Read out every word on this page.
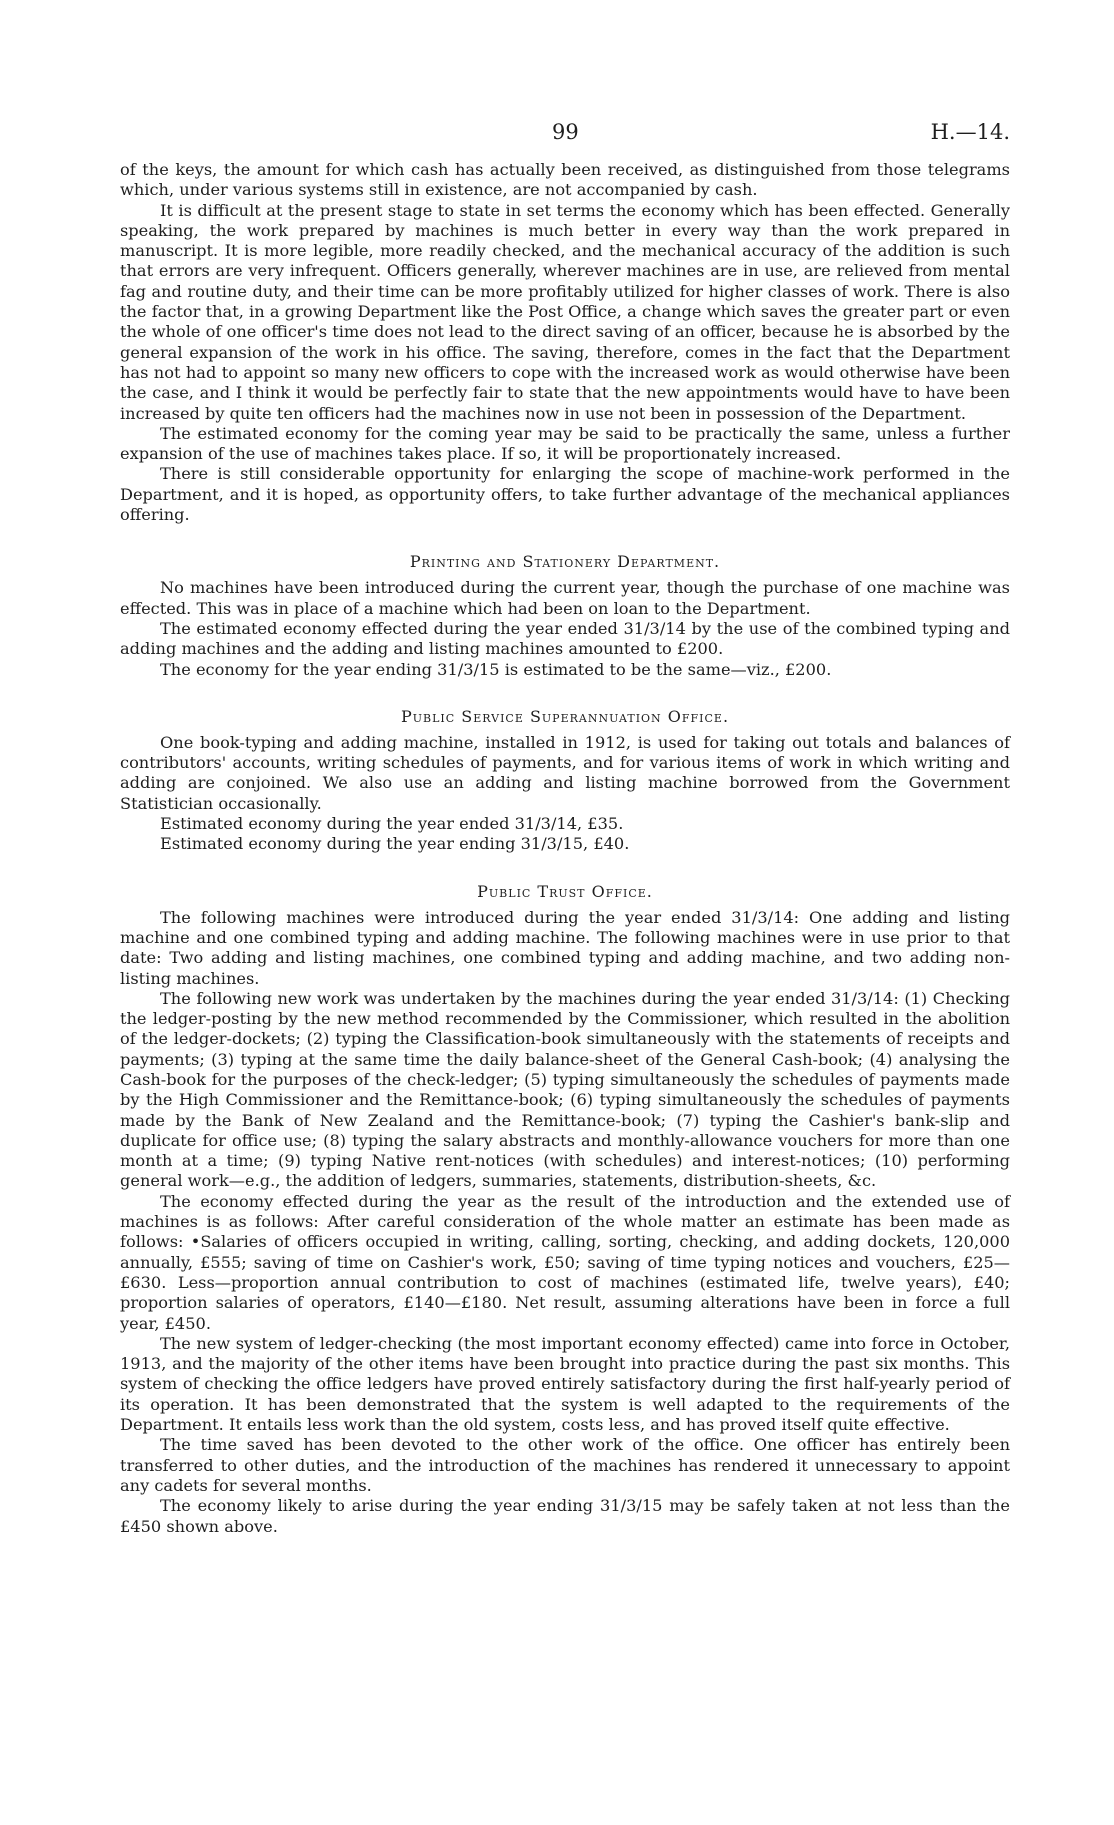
99	H.—14.

of the keys, the amount for which cash has actually been received, as distinguished from those telegrams which, under various systems still in existence, are not accompanied by cash.

It is difficult at the present stage to state in set terms the economy which has been effected. Generally speaking, the work prepared by machines is much better in every way than the work prepared in manuscript. It is more legible, more readily checked, and the mechanical accuracy of the addition is such that errors are very infrequent. Officers generally, wherever machines are in use, are relieved from mental fag and routine duty, and their time can be more profitably utilized for higher classes of work. There is also the factor that, in a growing Department like the Post Office, a change which saves the greater part or even the whole of one officer's time does not lead to the direct saving of an officer, because he is absorbed by the general expansion of the work in his office. The saving, therefore, comes in the fact that the Department has not had to appoint so many new officers to cope with the increased work as would otherwise have been the case, and I think it would be perfectly fair to state that the new appointments would have to have been increased by quite ten officers had the machines now in use not been in possession of the Department.

The estimated economy for the coming year may be said to be practically the same, unless a further expansion of the use of machines takes place. If so, it will be proportionately increased.

There is still considerable opportunity for enlarging the scope of machine-work performed in the Department, and it is hoped, as opportunity offers, to take further advantage of the mechanical appliances offering.

Printing and Stationery Department.

No machines have been introduced during the current year, though the purchase of one machine was effected. This was in place of a machine which had been on loan to the Department.

The estimated economy effected during the year ended 31/3/14 by the use of the combined typing and adding machines and the adding and listing machines amounted to £200.

The economy for the year ending 31/3/15 is estimated to be the same—viz., £200.

Public Service Superannuation Office.

One book-typing and adding machine, installed in 1912, is used for taking out totals and balances of contributors' accounts, writing schedules of payments, and for various items of work in which writing and adding are conjoined. We also use an adding and listing machine borrowed from the Government Statistician occasionally.

Estimated economy during the year ended 31/3/14, £35.

Estimated economy during the year ending 31/3/15, £40.

Public Trust Office.

The following machines were introduced during the year ended 31/3/14: One adding and listing machine and one combined typing and adding machine. The following machines were in use prior to that date: Two adding and listing machines, one combined typing and adding machine, and two adding non-listing machines.

The following new work was undertaken by the machines during the year ended 31/3/14: (1) Checking the ledger-posting by the new method recommended by the Commissioner, which resulted in the abolition of the ledger-dockets; (2) typing the Classification-book simultaneously with the statements of receipts and payments; (3) typing at the same time the daily balance-sheet of the General Cash-book; (4) analysing the Cash-book for the purposes of the check-ledger; (5) typing simultaneously the schedules of payments made by the High Commissioner and the Remittance-book; (6) typing simultaneously the schedules of payments made by the Bank of New Zealand and the Remittance-book; (7) typing the Cashier's bank-slip and duplicate for office use; (8) typing the salary abstracts and monthly-allowance vouchers for more than one month at a time; (9) typing Native rent-notices (with schedules) and interest-notices; (10) performing general work—e.g., the addition of ledgers, summaries, statements, distribution-sheets, &c.

The economy effected during the year as the result of the introduction and the extended use of machines is as follows: After careful consideration of the whole matter an estimate has been made as follows: •Salaries of officers occupied in writing, calling, sorting, checking, and adding dockets, 120,000 annually, £555; saving of time on Cashier's work, £50; saving of time typing notices and vouchers, £25—£630. Less—proportion annual contribution to cost of machines (estimated life, twelve years), £40; proportion salaries of operators, £140—£180. Net result, assuming alterations have been in force a full year, £450.

The new system of ledger-checking (the most important economy effected) came into force in October, 1913, and the majority of the other items have been brought into practice during the past six months. This system of checking the office ledgers have proved entirely satisfactory during the first half-yearly period of its operation. It has been demonstrated that the system is well adapted to the requirements of the Department. It entails less work than the old system, costs less, and has proved itself quite effective.

The time saved has been devoted to the other work of the office. One officer has entirely been transferred to other duties, and the introduction of the machines has rendered it unnecessary to appoint any cadets for several months.

The economy likely to arise during the year ending 31/3/15 may be safely taken at not less than the £450 shown above.
